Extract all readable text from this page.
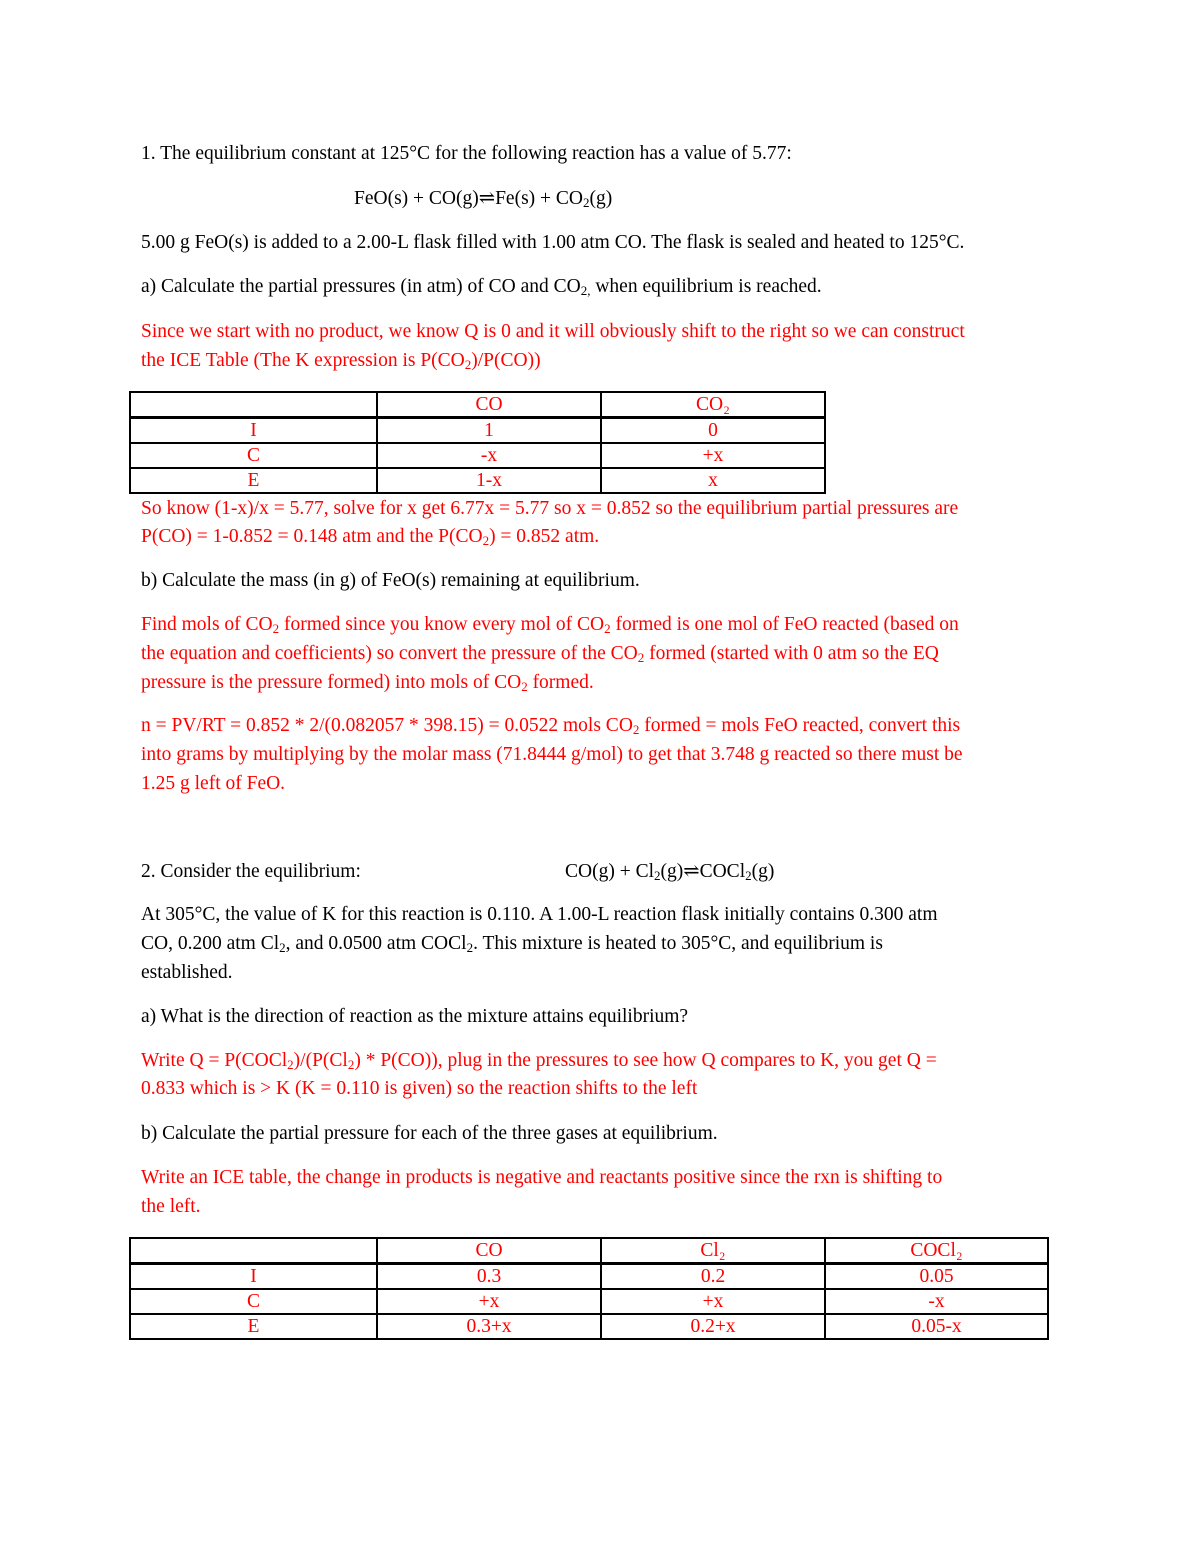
1. The equilibrium constant at 125°C for the following reaction has a value of 5.77:
FeO(s) + CO(g)⇌Fe(s) + $CO_2(g)$
5.00 g FeO(s) is added to a 2.00-L flask filled with 1.00 atm CO. The flask is sealed and heated to 125°C.
a) Calculate the partial pressures (in atm) of CO and $CO_{2,}$ when equilibrium is reached.
Since we start with no product, we know Q is 0 and it will obviously shift to the right so we can construct
the ICE Table (The K expression is $P(CO_2)/P(CO)$)
	CO	CO₂
I	1	0
C	-x	+x
E	1-x	x
So know (1-x)/x = 5.77, solve for x get 6.77x = 5.77 so x = 0.852 so the equilibrium partial pressures are
P(CO) = 1-0.852 = 0.148 atm and the $P(CO_2) = 0.852$ atm.
b) Calculate the mass (in g) of FeO(s) remaining at equilibrium.
Find mols of $CO_2$ formed since you know every mol of $CO_2$ formed is one mol of FeO reacted (based on
the equation and coefficients) so convert the pressure of the $CO_2$ formed (started with 0 atm so the EQ
pressure is the pressure formed) into mols of $CO_2$ formed.
n = PV/RT = 0.852 * 2/(0.082057 * 398.15) = 0.0522 mols $CO_2$ formed = mols FeO reacted, convert this
into grams by multiplying by the molar mass (71.8444 g/mol) to get that 3.748 g reacted so there must be
1.25 g left of FeO.
2. Consider the equilibrium:	$CO(g) + Cl_2(g)\rightleftharpoons COCl_2(g)$
At 305°C, the value of K for this reaction is 0.110. A 1.00-L reaction flask initially contains 0.300 atm
CO, 0.200 atm $Cl_2$, and 0.0500 atm COCl$_2$. This mixture is heated to 305°C, and equilibrium is
established.
a) What is the direction of reaction as the mixture attains equilibrium?
Write $Q = P(COCl_2)/(P(Cl_2) * P(CO))$, plug in the pressures to see how Q compares to K, you get Q =
0.833 which is > K (K = 0.110 is given) so the reaction shifts to the left
b) Calculate the partial pressure for each of the three gases at equilibrium.
Write an ICE table, the change in products is negative and reactants positive since the rxn is shifting to
the left.
	CO	Cl₂	COCl₂
I	0.3	0.2	0.05
C	+x	+x	-x
E	0.3+x	0.2+x	0.05-x
